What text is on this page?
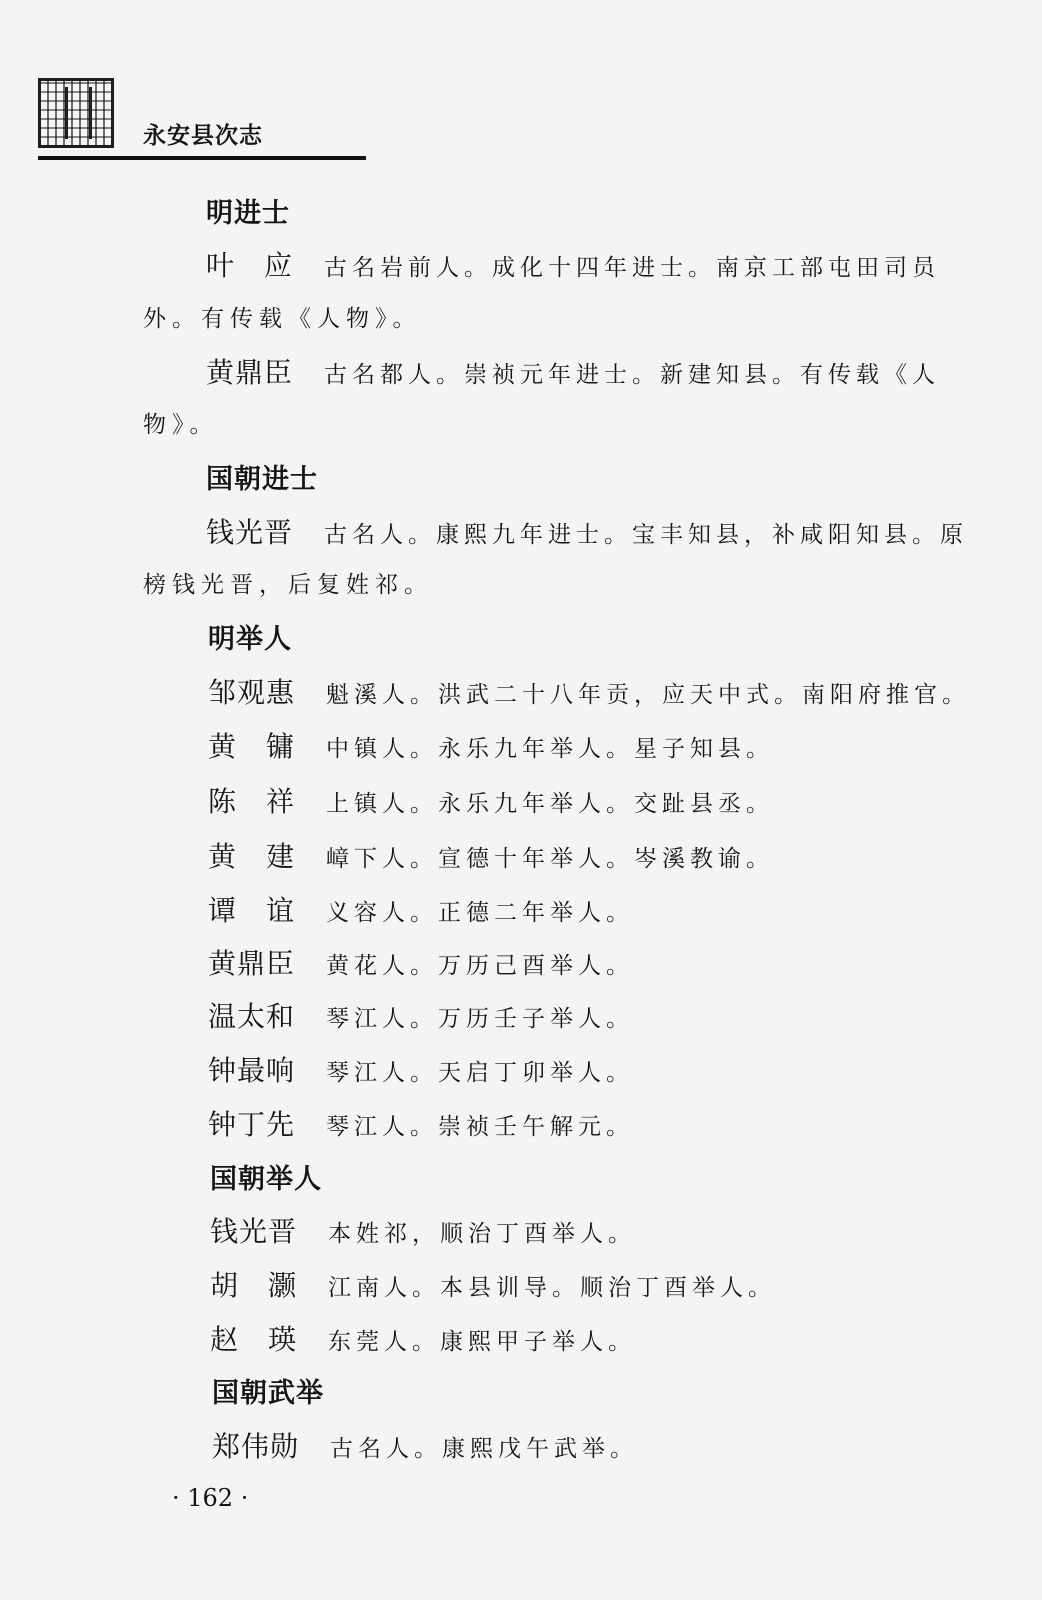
永安县次志
明进士
叶　应 古名岩前人。成化十四年进士。南京工部屯田司员
外。有传载《人物》。
黄鼎臣 古名都人。崇祯元年进士。新建知县。有传载《人
物》。
国朝进士
钱光晋 古名人。康熙九年进士。宝丰知县，补咸阳知县。原
榜钱光晋，后复姓祁。
明举人
邹观惠 魁溪人。洪武二十八年贡，应天中式。南阳府推官。
黄　镛 中镇人。永乐九年举人。星子知县。
陈　祥 上镇人。永乐九年举人。交趾县丞。
黄　建 嶂下人。宣德十年举人。岑溪教谕。
谭　谊 义容人。正德二年举人。
黄鼎臣 黄花人。万历己酉举人。
温太和 琴江人。万历壬子举人。
钟最响 琴江人。天启丁卯举人。
钟丁先 琴江人。崇祯壬午解元。
国朝举人
钱光晋 本姓祁，顺治丁酉举人。
胡　灏 江南人。本县训导。顺治丁酉举人。
赵　瑛 东莞人。康熙甲子举人。
国朝武举
郑伟勋 古名人。康熙戊午武举。
· 162 ·
